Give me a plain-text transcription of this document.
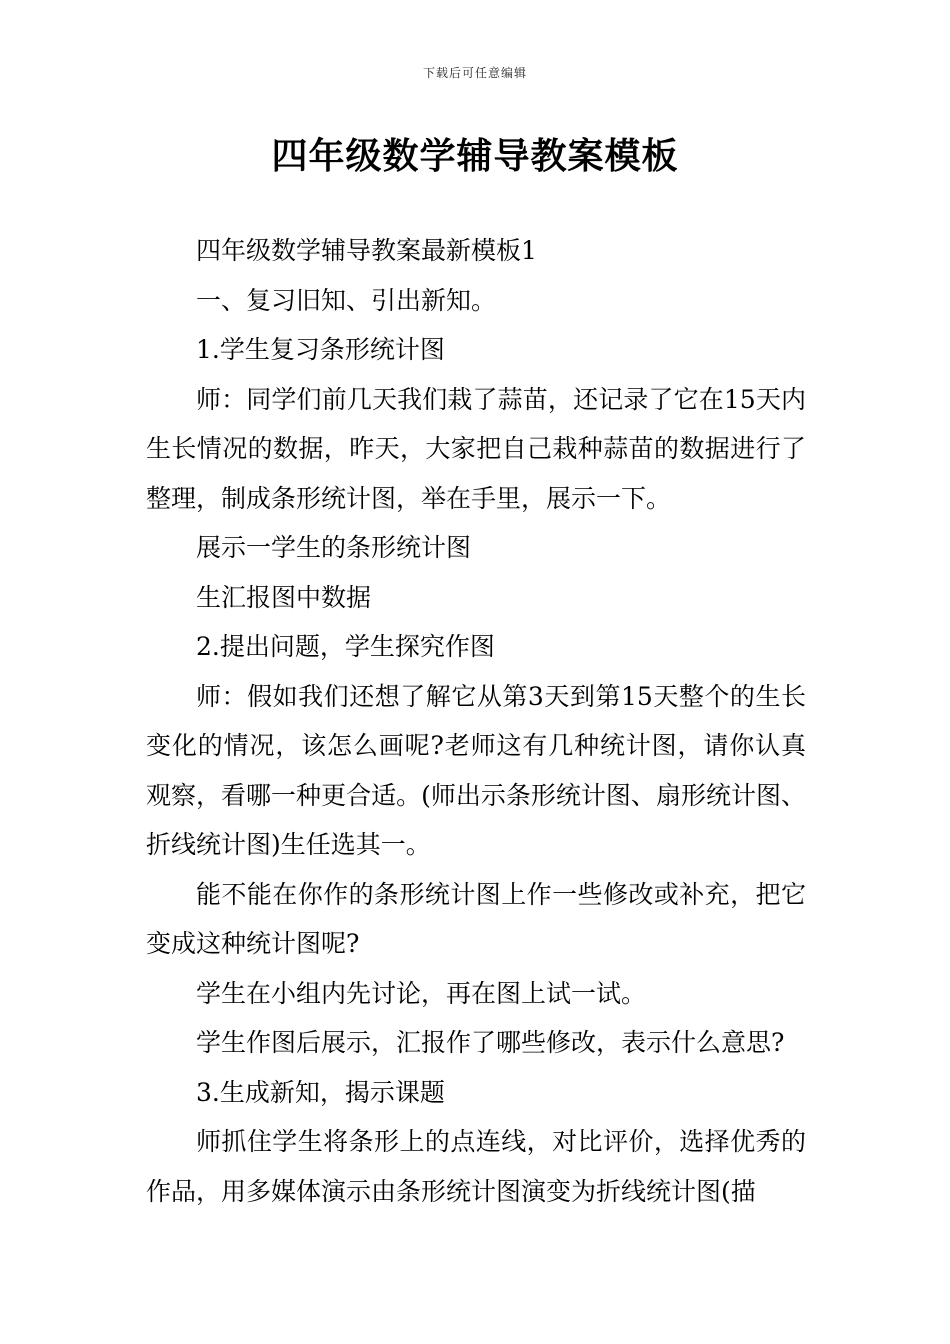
下载后可任意编辑
四年级数学辅导教案模板

四年级数学辅导教案最新模板1

一、复习旧知、引出新知。

1.学生复习条形统计图

师：同学们前几天我们栽了蒜苗，还记录了它在15天内生长情况的数据，昨天，大家把自己栽种蒜苗的数据进行了整理，制成条形统计图，举在手里，展示一下。

展示一学生的条形统计图

生汇报图中数据

2.提出问题，学生探究作图

师：假如我们还想了解它从第3天到第15天整个的生长变化的情况，该怎么画呢?老师这有几种统计图，请你认真观察，看哪一种更合适。(师出示条形统计图、扇形统计图、折线统计图)生任选其一。

能不能在你作的条形统计图上作一些修改或补充，把它变成这种统计图呢?

学生在小组内先讨论，再在图上试一试。

学生作图后展示，汇报作了哪些修改，表示什么意思?

3.生成新知，揭示课题

师抓住学生将条形上的点连线，对比评价，选择优秀的作品，用多媒体演示由条形统计图演变为折线统计图(描
